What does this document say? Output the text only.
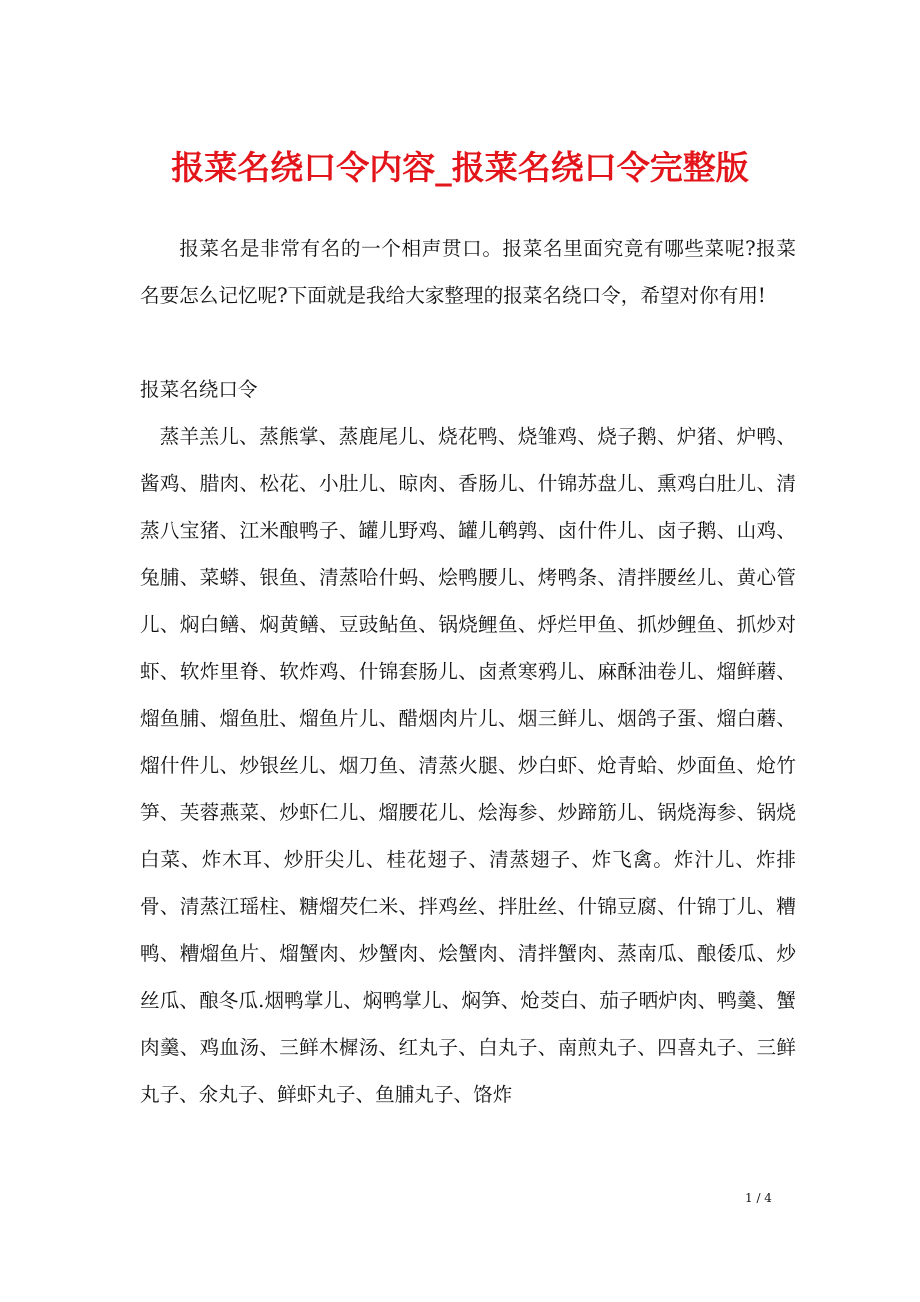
报菜名绕口令内容_报菜名绕口令完整版

报菜名是非常有名的一个相声贯口。报菜名里面究竟有哪些菜呢?报菜名要怎么记忆呢?下面就是我给大家整理的报菜名绕口令，希望对你有用!

报菜名绕口令

蒸羊羔儿、蒸熊掌、蒸鹿尾儿、烧花鸭、烧雏鸡、烧子鹅、炉猪、炉鸭、酱鸡、腊肉、松花、小肚儿、晾肉、香肠儿、什锦苏盘儿、熏鸡白肚儿、清蒸八宝猪、江米酿鸭子、罐儿野鸡、罐儿鹌鹑、卤什件儿、卤子鹅、山鸡、兔脯、菜蟒、银鱼、清蒸哈什蚂、烩鸭腰儿、烤鸭条、清拌腰丝儿、黄心管儿、焖白鳝、焖黄鳝、豆豉鲇鱼、锅烧鲤鱼、烀烂甲鱼、抓炒鲤鱼、抓炒对虾、软炸里脊、软炸鸡、什锦套肠儿、卤煮寒鸦儿、麻酥油卷儿、熘鲜蘑、熘鱼脯、熘鱼肚、熘鱼片儿、醋烟肉片儿、烟三鲜儿、烟鸽子蛋、熘白蘑、熘什件儿、炒银丝儿、烟刀鱼、清蒸火腿、炒白虾、炝青蛤、炒面鱼、炝竹笋、芙蓉燕菜、炒虾仁儿、熘腰花儿、烩海参、炒蹄筋儿、锅烧海参、锅烧白菜、炸木耳、炒肝尖儿、桂花翅子、清蒸翅子、炸飞禽。炸汁儿、炸排骨、清蒸江瑶柱、糖熘芡仁米、拌鸡丝、拌肚丝、什锦豆腐、什锦丁儿、糟鸭、糟熘鱼片、熘蟹肉、炒蟹肉、烩蟹肉、清拌蟹肉、蒸南瓜、酿倭瓜、炒丝瓜、酿冬瓜.烟鸭掌儿、焖鸭掌儿、焖笋、炝茭白、茄子晒炉肉、鸭羹、蟹肉羹、鸡血汤、三鲜木樨汤、红丸子、白丸子、南煎丸子、四喜丸子、三鲜丸子、氽丸子、鲜虾丸子、鱼脯丸子、饹炸

1 / 4
